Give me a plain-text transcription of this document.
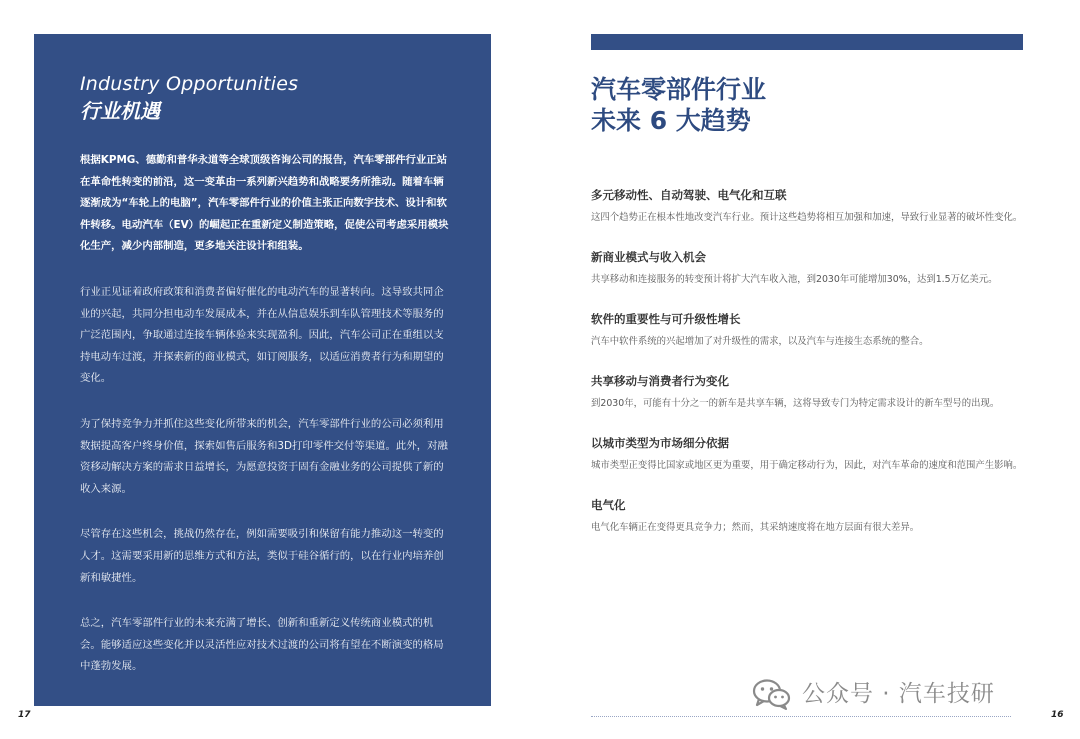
Industry Opportunities
行业机遇

根据KPMG、德勤和普华永道等全球顶级咨询公司的报告，汽车零部件行业正站在革命性转变的前沿，这一变革由一系列新兴趋势和战略要务所推动。随着车辆逐渐成为“车轮上的电脑”，汽车零部件行业的价值主张正向数字技术、设计和软件转移。电动汽车（EV）的崛起正在重新定义制造策略，促使公司考虑采用模块化生产，减少内部制造，更多地关注设计和组装。

行业正见证着政府政策和消费者偏好催化的电动汽车的显著转向。这导致共同企业的兴起，共同分担电动车发展成本，并在从信息娱乐到车队管理技术等服务的广泛范围内，争取通过连接车辆体验来实现盈利。因此，汽车公司正在重组以支持电动车过渡，并探索新的商业模式，如订阅服务，以适应消费者行为和期望的变化。

为了保持竞争力并抓住这些变化所带来的机会，汽车零部件行业的公司必须利用数据提高客户终身价值，探索如售后服务和3D打印零件交付等渠道。此外，对融资移动解决方案的需求日益增长，为愿意投资于固有金融业务的公司提供了新的收入来源。

尽管存在这些机会，挑战仍然存在，例如需要吸引和保留有能力推动这一转变的人才。这需要采用新的思维方式和方法，类似于硅谷循行的，以在行业内培养创新和敏捷性。

总之，汽车零部件行业的未来充满了增长、创新和重新定义传统商业模式的机会。能够适应这些变化并以灵活性应对技术过渡的公司将有望在不断演变的格局中蓬勃发展。

17
汽车零部件行业
未来 6 大趋势
多元移动性、自动驾驶、电气化和互联

这四个趋势正在根本性地改变汽车行业。预计这些趋势将相互加强和加速，导致行业显著的破坏性变化。

新商业模式与收入机会

共享移动和连接服务的转变预计将扩大汽车收入池，到2030年可能增加30%，达到1.5万亿美元。

软件的重要性与可升级性增长

汽车中软件系统的兴起增加了对升级性的需求，以及汽车与连接生态系统的整合。

共享移动与消费者行为变化

到2030年，可能有十分之一的新车是共享车辆，这将导致专门为特定需求设计的新车型号的出现。

以城市类型为市场细分依据

城市类型正变得比国家或地区更为重要，用于确定移动行为，因此，对汽车革命的速度和范围产生影响。

电气化

电气化车辆正在变得更具竞争力；然而，其采纳速度将在地方层面有很大差异。

16
公众号 · 汽车技研
